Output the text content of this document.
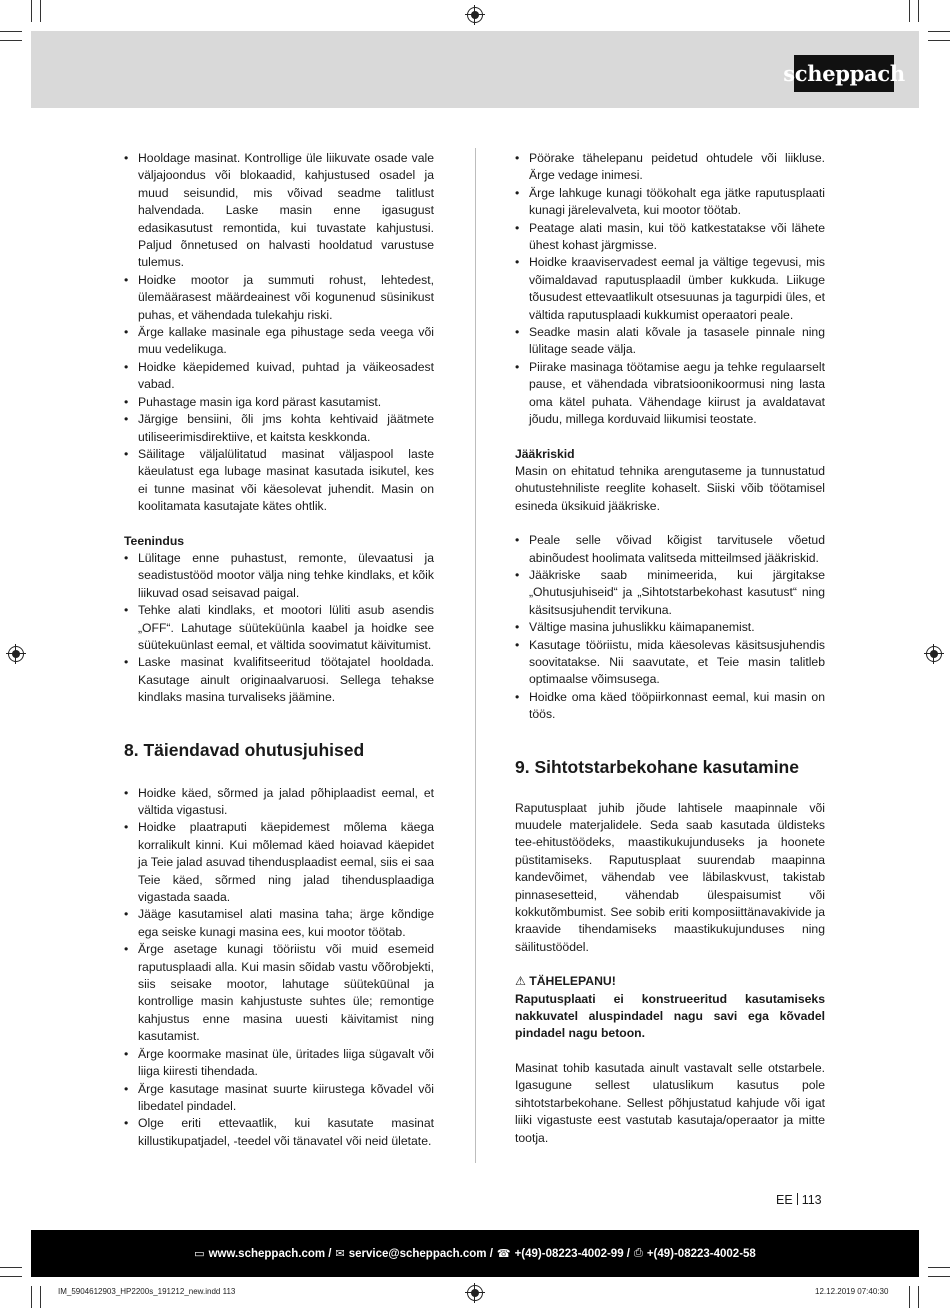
scheppach
• Hooldage masinat. Kontrollige üle liikuvate osade vale väljajoondus või blokaadid, kahjustused osadel ja muud seisundid, mis võivad seadme talitlust halvendada. Laske masin enne igasugust edasikasutust remontida, kui tuvastate kahjustusi. Paljud õnnetused on halvasti hooldatud varustuse tulemus.
• Hoidke mootor ja summuti rohust, lehtedest, ülemäärasest määrdeainest või kogunenud süsinikust puhas, et vähendada tulekahju riski.
• Ärge kallake masinale ega pihustage seda veega või muu vedelikuga.
• Hoidke käepidemed kuivad, puhtad ja väikeosadest vabad.
• Puhastage masin iga kord pärast kasutamist.
• Järgige bensiini, õli jms kohta kehtivaid jäätmete utiliseerimisdirektiive, et kaitsta keskkonda.
• Säilitage väljalülitatud masinat väljaspool laste käeulatust ega lubage masinat kasutada isikutel, kes ei tunne masinat või käesolevat juhendit. Masin on koolitamata kasutajate kätes ohtlik.
Teenindus
• Lülitage enne puhastust, remonte, ülevaatusi ja seadistustööd mootor välja ning tehke kindlaks, et kõik liikuvad osad seisavad paigal.
• Tehke alati kindlaks, et mootori lüliti asub asendis „OFF“. Lahutage süüteküünla kaabel ja hoidke see süütekuünlast eemal, et vältida soovimatut käivitumist.
• Laske masinat kvalifitseeritud töötajatel hooldada. Kasutage ainult originaalvaruosi. Sellega tehakse kindlaks masina turvaliseks jäämine.
8. Täiendavad ohutusjuhised
• Hoidke käed, sõrmed ja jalad põhiplaadist eemal, et vältida vigastusi.
• Hoidke plaatraputi käepidemest mõlema käega korralikult kinni. Kui mõlemad käed hoiavad käepidet ja Teie jalad asuvad tihendusplaadist eemal, siis ei saa Teie käed, sõrmed ning jalad tihendusplaadiga vigastada saada.
• Jääge kasutamisel alati masina taha; ärge kõndige ega seiske kunagi masina ees, kui mootor töötab.
• Ärge asetage kunagi tööriistu või muid esemeid raputusplaadi alla. Kui masin sõidab vastu võõrobjekti, siis seisake mootor, lahutage süütekūünal ja kontrollige masin kahjustuste suhtes üle; remontige kahjustus enne masina uuesti käivitamist ning kasutamist.
• Ärge koormake masinat üle, üritades liiga sügavalt või liiga kiiresti tihendada.
• Ärge kasutage masinat suurte kiirustega kõvadel või libedatel pindadel.
• Olge eriti ettevaatlik, kui kasutate masinat killustikupatjadel, -teedel või tänavatel või neid ületate.
• Pöörake tähelepanu peidetud ohtudele või liikluse. Ärge vedage inimesi.
• Ärge lahkuge kunagi töökohalt ega jätke raputusplaati kunagi järelevalveta, kui mootor töötab.
• Peatage alati masin, kui töö katkestatakse või lähete ühest kohast järgmisse.
• Hoidke kraaviservadest eemal ja vältige tegevusi, mis võimaldavad raputusplaadil ümber kukkuda. Liikuge tõusudest ettevaatlikult otsesuunas ja tagurpidi üles, et vältida raputusplaadi kukkumist operaatori peale.
• Seadke masin alati kõvale ja tasasele pinnale ning lülitage seade välja.
• Piirake masinaga töötamise aegu ja tehke regulaarselt pause, et vähendada vibratsioonikoormusi ning lasta oma kätel puhata. Vähendage kiirust ja avaldatavat jõudu, millega korduvaid liikumisi teostate.
Jääkriskid

Masin on ehitatud tehnika arengutaseme ja tunnustatud ohutustehniliste reeglite kohaselt. Siiski võib töötamisel esineda üksikuid jääkriske.

• Peale selle võivad kõigist tarvitusele võetud abinõudest hoolimata valitseda mitteilmsed jääkriskid.
• Jääkriske saab minimeerida, kui järgitakse „Ohutusjuhiseid“ ja „Sihtotstarbekohast kasutust“ ning käsitsusjuhendit tervikuna.
• Vältige masina juhuslikku käimapanemist.
• Kasutage tööriistu, mida käesolevas käsitsusjuhendis soovitatakse. Nii saavutate, et Teie masin talitleb optimaalse võimsusega.
• Hoidke oma käed tööpiirkonnast eemal, kui masin on töös.
9. Sihtotstarbekohane kasutamine

Raputusplaat juhib jõude lahtisele maapinnale või muudele materjalidele. Seda saab kasutada üldisteks tee-ehitustöödeks, maastikukujunduseks ja hoonete püstitamiseks. Raputusplaat suurendab maapinna kandevõimet, vähendab vee läbilaskvust, takistab pinnasesetteid, vähendab ülespaisumist või kokkutõmbumist. See sobib eriti komposiittänavakivide ja kraavide tihendamiseks maastikukujunduses ning säilitustöödel.

⚠ TÄHELEPANU!

Raputusplaati ei konstrueeritud kasutamiseks nakkuvatel aluspindadel nagu savi ega kõvadel pindadel nagu betoon.

Masinat tohib kasutada ainult vastavalt selle otstarbele. Igasugune sellest ulatuslikum kasutus pole sihtotstarbekohane. Sellest põhjustatud kahjude või igat liiki vigastuste eest vastutab kasutaja/operaator ja mitte tootja.

EE 113
▭ www.scheppach.com / ✉ service@scheppach.com / ☎ +(49)-08223-4002-99 / ⎙ +(49)-08223-4002-58
IM_5904612903_HP2200s_191212_new.indd 113	12.12.2019 07:40:30
